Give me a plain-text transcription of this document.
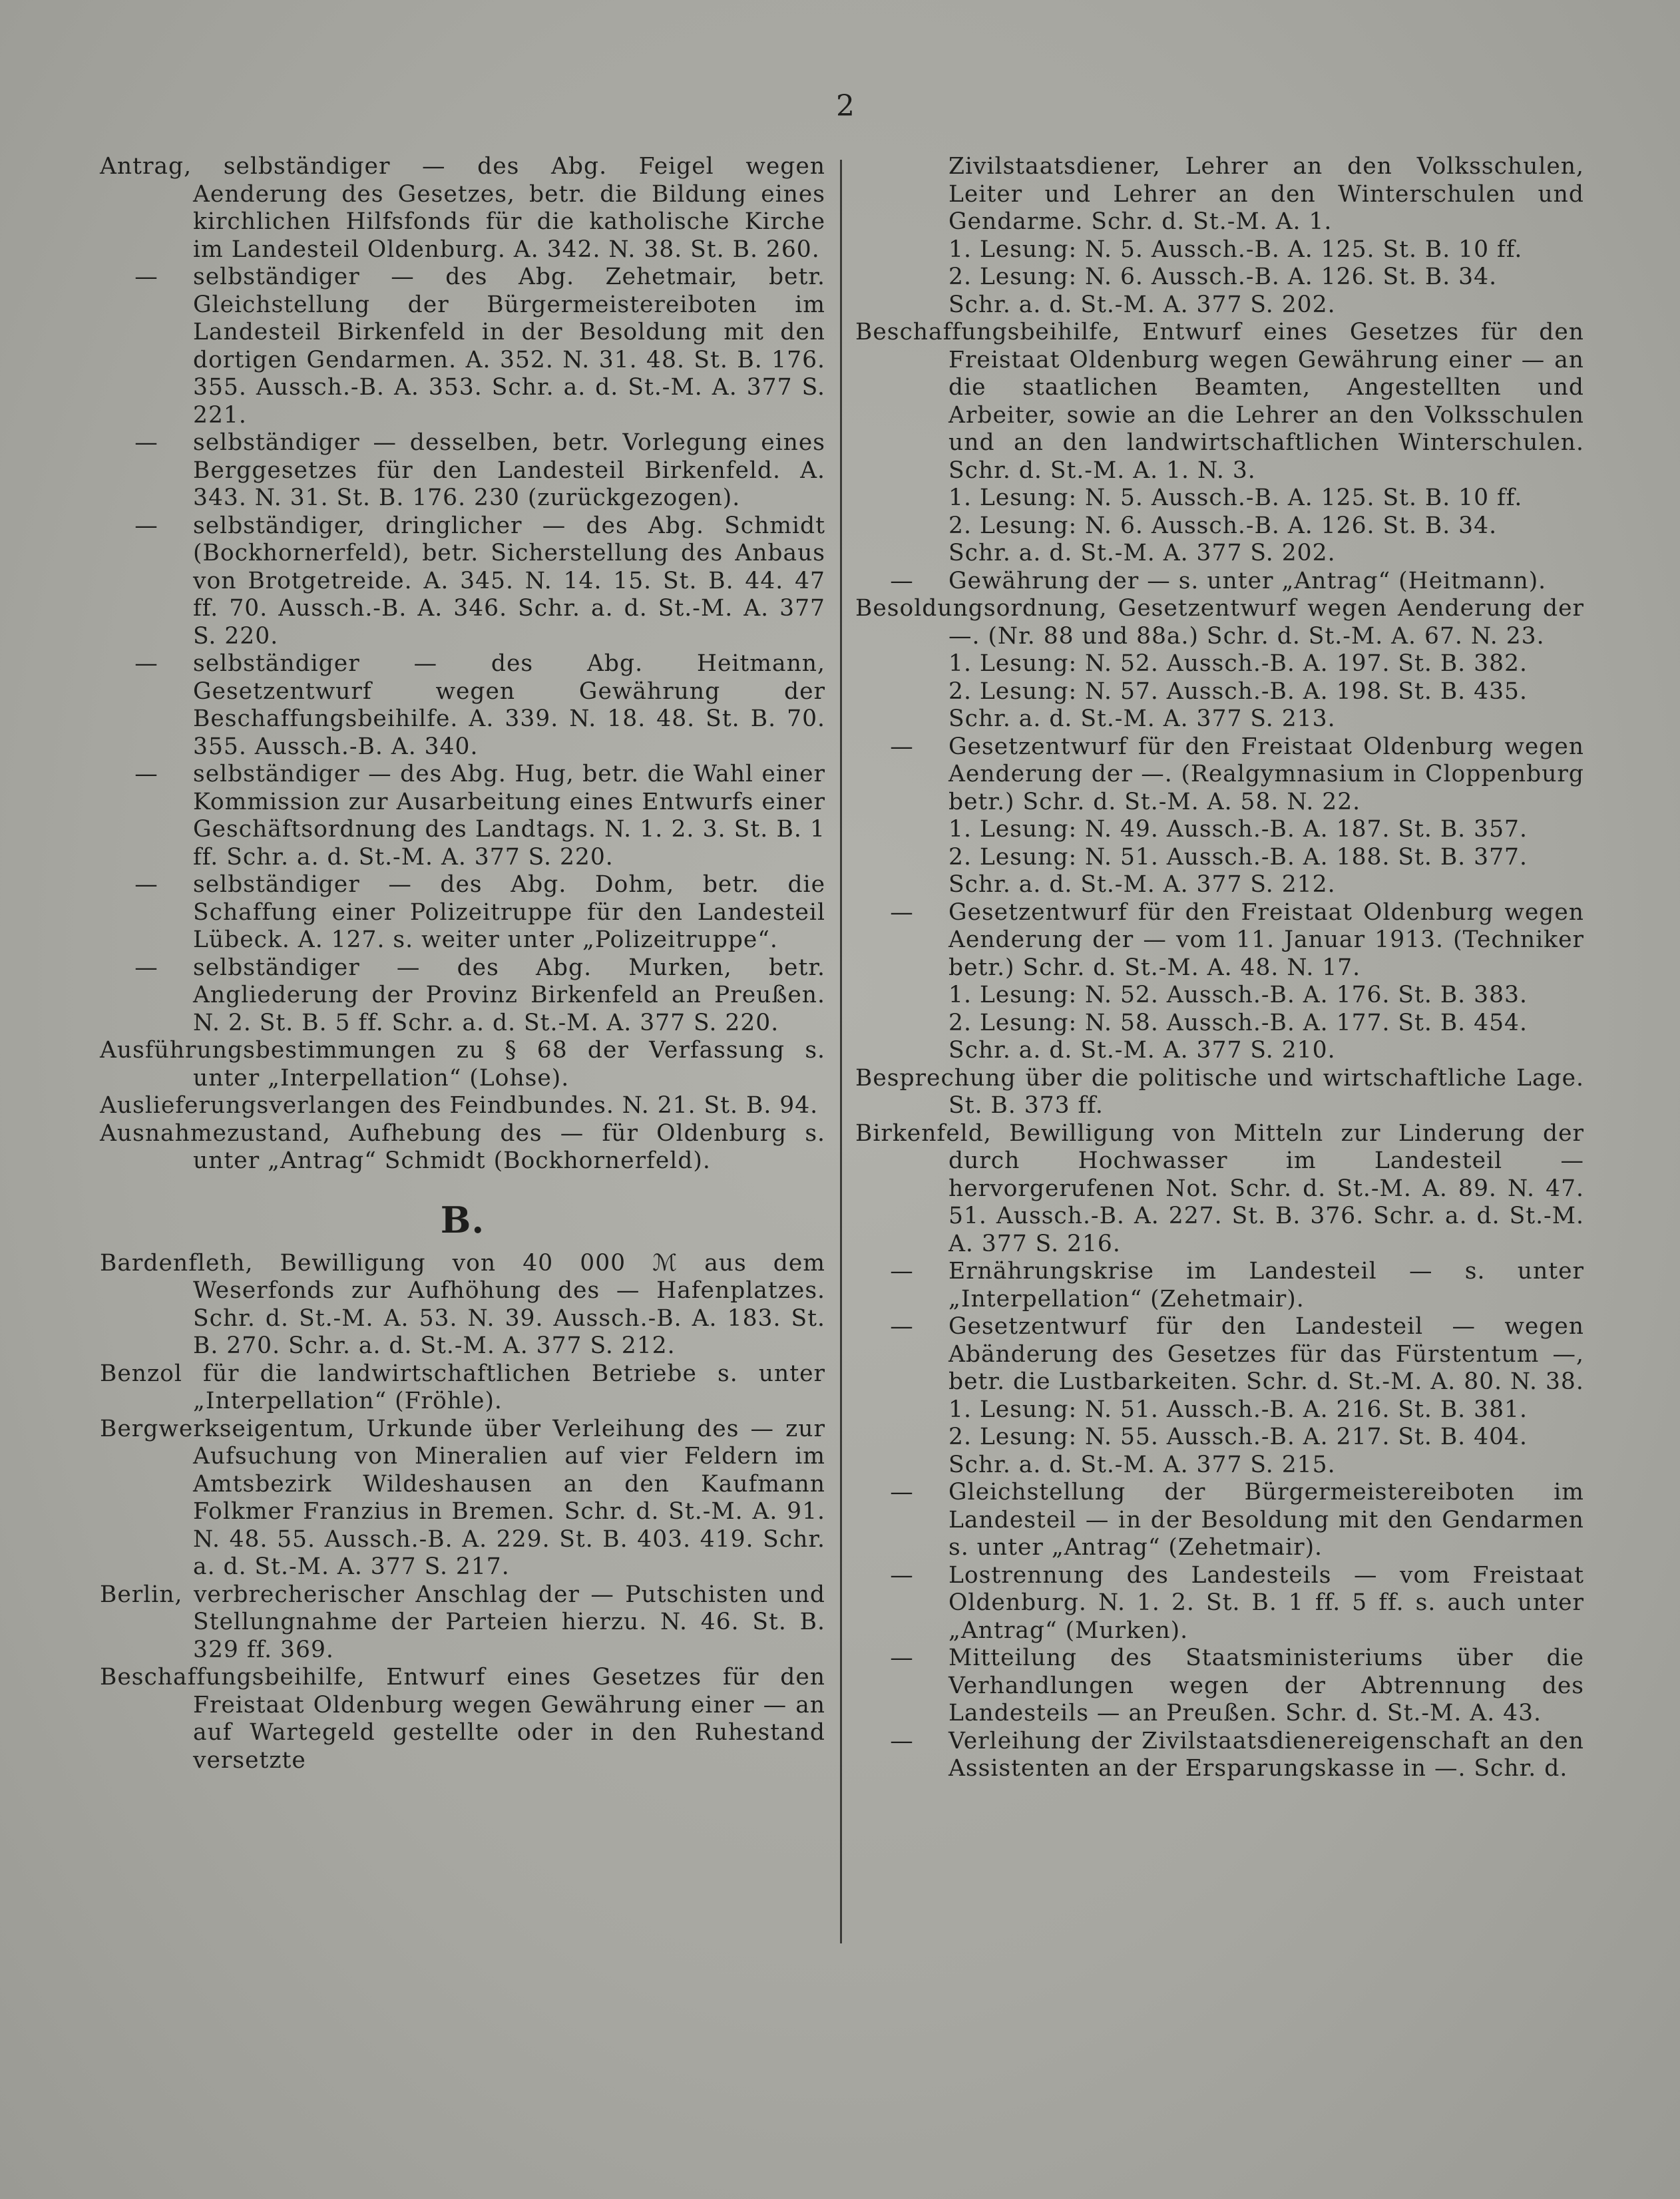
2

Antrag, selbständiger — des Abg. Feigel wegen Aenderung des Gesetzes, betr. die Bildung eines kirchlichen Hilfsfonds für die katholische Kirche im Landesteil Oldenburg. A. 342. N. 38. St. B. 260.

— selbständiger — des Abg. Zehetmair, betr. Gleichstellung der Bürgermeistereiboten im Landesteil Birkenfeld in der Besoldung mit den dortigen Gendarmen. A. 352. N. 31. 48. St. B. 176. 355. Aussch.-B. A. 353. Schr. a. d. St.-M. A. 377 S. 221.

— selbständiger — desselben, betr. Vorlegung eines Berggesetzes für den Landesteil Birkenfeld. A. 343. N. 31. St. B. 176. 230 (zurückgezogen).

— selbständiger, dringlicher — des Abg. Schmidt (Bockhornerfeld), betr. Sicherstellung des Anbaus von Brotgetreide. A. 345. N. 14. 15. St. B. 44. 47 ff. 70. Aussch.-B. A. 346. Schr. a. d. St.-M. A. 377 S. 220.

— selbständiger — des Abg. Heitmann, Gesetzentwurf wegen Gewährung der Beschaffungsbeihilfe. A. 339. N. 18. 48. St. B. 70. 355. Aussch.-B. A. 340.

— selbständiger — des Abg. Hug, betr. die Wahl einer Kommission zur Ausarbeitung eines Entwurfs einer Geschäftsordnung des Landtags. N. 1. 2. 3. St. B. 1 ff. Schr. a. d. St.-M. A. 377 S. 220.

— selbständiger — des Abg. Dohm, betr. die Schaffung einer Polizeitruppe für den Landesteil Lübeck. A. 127. s. weiter unter „Polizeitruppe“.

— selbständiger — des Abg. Murken, betr. Angliederung der Provinz Birkenfeld an Preußen. N. 2. St. B. 5 ff. Schr. a. d. St.-M. A. 377 S. 220.

Ausführungsbestimmungen zu § 68 der Verfassung s. unter „Interpellation“ (Lohse).

Auslieferungsverlangen des Feindbundes. N. 21. St. B. 94.

Ausnahmezustand, Aufhebung des — für Oldenburg s. unter „Antrag“ Schmidt (Bockhornerfeld).

B.

Bardenfleth, Bewilligung von 40 000 ℳ aus dem Weserfonds zur Aufhöhung des — Hafenplatzes. Schr. d. St.-M. A. 53. N. 39. Aussch.-B. A. 183. St. B. 270. Schr. a. d. St.-M. A. 377 S. 212.

Benzol für die landwirtschaftlichen Betriebe s. unter „Interpellation“ (Fröhle).

Bergwerkseigentum, Urkunde über Verleihung des — zur Aufsuchung von Mineralien auf vier Feldern im Amtsbezirk Wildeshausen an den Kaufmann Folkmer Franzius in Bremen. Schr. d. St.-M. A. 91. N. 48. 55. Aussch.-B. A. 229. St. B. 403. 419. Schr. a. d. St.-M. A. 377 S. 217.

Berlin, verbrecherischer Anschlag der — Putschisten und Stellungnahme der Parteien hierzu. N. 46. St. B. 329 ff. 369.

Beschaffungsbeihilfe, Entwurf eines Gesetzes für den Freistaat Oldenburg wegen Gewährung einer — an auf Wartegeld gestellte oder in den Ruhestand versetzte

Zivilstaatsdiener, Lehrer an den Volksschulen, Leiter und Lehrer an den Winterschulen und Gendarme. Schr. d. St.-M. A. 1.

1. Lesung: N. 5. Aussch.-B. A. 125. St. B. 10 ff.
2. Lesung: N. 6. Aussch.-B. A. 126. St. B. 34.
Schr. a. d. St.-M. A. 377 S. 202.

Beschaffungsbeihilfe, Entwurf eines Gesetzes für den Freistaat Oldenburg wegen Gewährung einer — an die staatlichen Beamten, Angestellten und Arbeiter, sowie an die Lehrer an den Volksschulen und an den landwirtschaftlichen Winterschulen. Schr. d. St.-M. A. 1. N. 3.

1. Lesung: N. 5. Aussch.-B. A. 125. St. B. 10 ff.
2. Lesung: N. 6. Aussch.-B. A. 126. St. B. 34.
Schr. a. d. St.-M. A. 377 S. 202.

— Gewährung der — s. unter „Antrag“ (Heitmann).

Besoldungsordnung, Gesetzentwurf wegen Aenderung der —. (Nr. 88 und 88a.) Schr. d. St.-M. A. 67. N. 23.

1. Lesung: N. 52. Aussch.-B. A. 197. St. B. 382.
2. Lesung: N. 57. Aussch.-B. A. 198. St. B. 435.
Schr. a. d. St.-M. A. 377 S. 213.

— Gesetzentwurf für den Freistaat Oldenburg wegen Aenderung der —. (Realgymnasium in Cloppenburg betr.) Schr. d. St.-M. A. 58. N. 22.

1. Lesung: N. 49. Aussch.-B. A. 187. St. B. 357.
2. Lesung: N. 51. Aussch.-B. A. 188. St. B. 377.
Schr. a. d. St.-M. A. 377 S. 212.

— Gesetzentwurf für den Freistaat Oldenburg wegen Aenderung der — vom 11. Januar 1913. (Techniker betr.) Schr. d. St.-M. A. 48. N. 17.

1. Lesung: N. 52. Aussch.-B. A. 176. St. B. 383.
2. Lesung: N. 58. Aussch.-B. A. 177. St. B. 454.
Schr. a. d. St.-M. A. 377 S. 210.

Besprechung über die politische und wirtschaftliche Lage. St. B. 373 ff.

Birkenfeld, Bewilligung von Mitteln zur Linderung der durch Hochwasser im Landesteil — hervorgerufenen Not. Schr. d. St.-M. A. 89. N. 47. 51. Aussch.-B. A. 227. St. B. 376. Schr. a. d. St.-M. A. 377 S. 216.

— Ernährungskrise im Landesteil — s. unter „Interpellation“ (Zehetmair).

— Gesetzentwurf für den Landesteil — wegen Abänderung des Gesetzes für das Fürstentum —, betr. die Lustbarkeiten. Schr. d. St.-M. A. 80. N. 38.

1. Lesung: N. 51. Aussch.-B. A. 216. St. B. 381.
2. Lesung: N. 55. Aussch.-B. A. 217. St. B. 404.
Schr. a. d. St.-M. A. 377 S. 215.

— Gleichstellung der Bürgermeistereiboten im Landesteil — in der Besoldung mit den Gendarmen s. unter „Antrag“ (Zehetmair).

— Lostrennung des Landesteils — vom Freistaat Oldenburg. N. 1. 2. St. B. 1 ff. 5 ff. s. auch unter „Antrag“ (Murken).

— Mitteilung des Staatsministeriums über die Verhandlungen wegen der Abtrennung des Landesteils — an Preußen. Schr. d. St.-M. A. 43.

— Verleihung der Zivilstaatsdienereigenschaft an den Assistenten an der Ersparungskasse in —. Schr. d.
